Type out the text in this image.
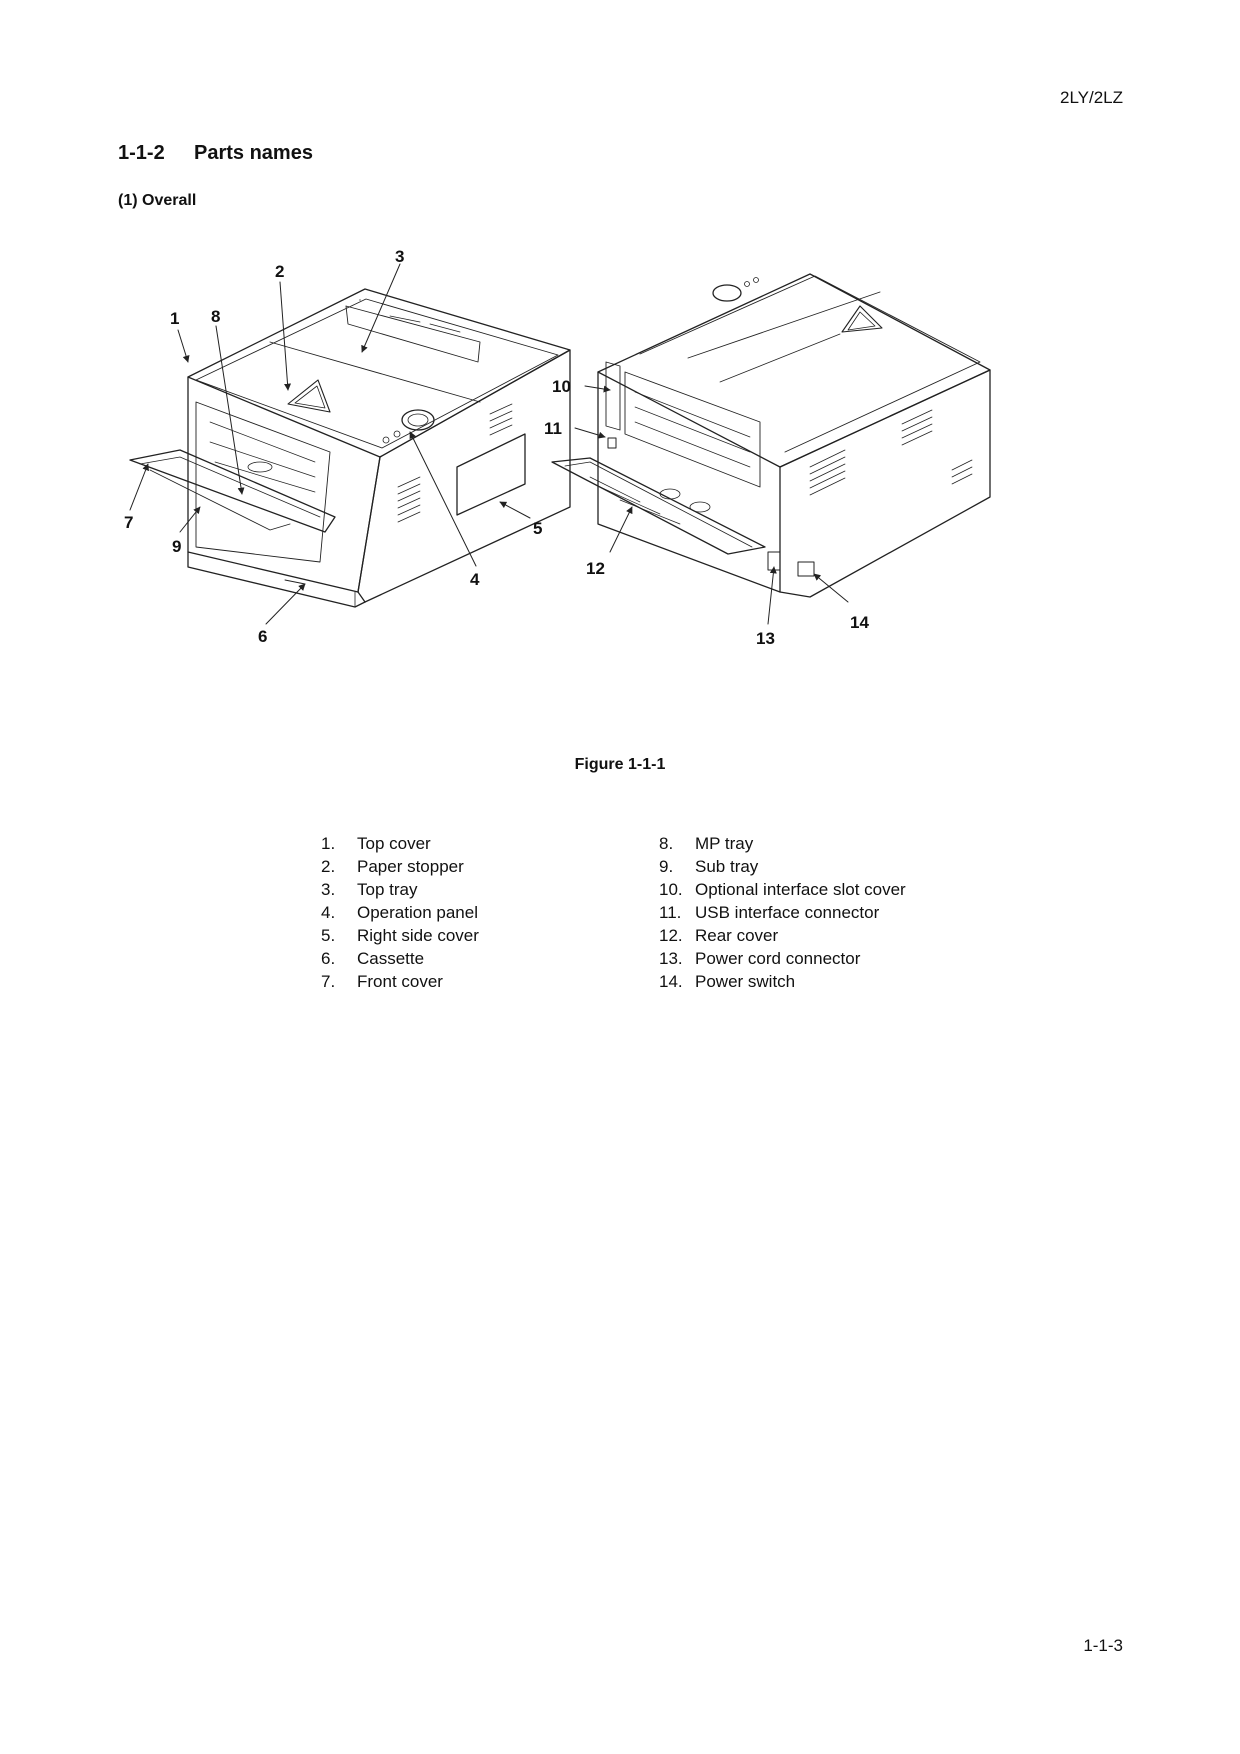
2LY/2LZ
1-1-2 Parts names
(1) Overall
1
2
3
4
5
6
7
8
9
10
11
12
13
14
Figure 1-1-1
1. Top cover
2. Paper stopper
3. Top tray
4. Operation panel
5. Right side cover
6. Cassette
7. Front cover
8. MP tray
9. Sub tray
10. Optional interface slot cover
11. USB interface connector
12. Rear cover
13. Power cord connector
14. Power switch
1-1-3
